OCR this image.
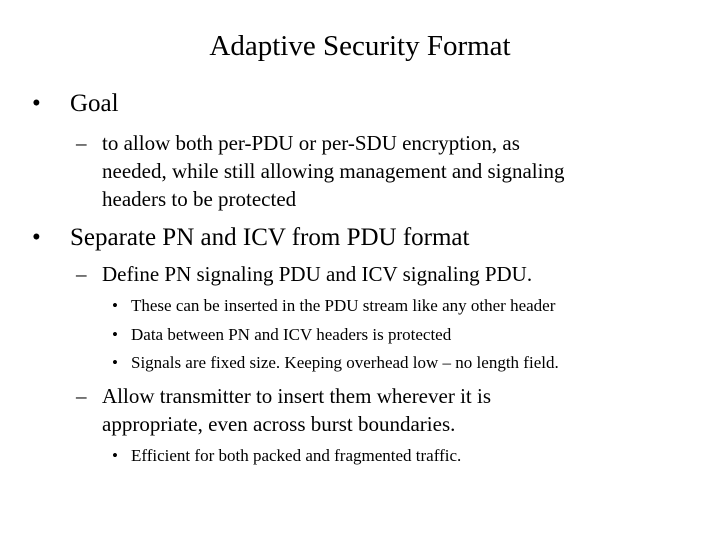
Adaptive Security Format
• Goal
– to allow both per-PDU or per-SDU encryption, as
needed, while still allowing management and signaling
headers to be protected
• Separate PN and ICV from PDU format
– Define PN signaling PDU and ICV signaling PDU.
• These can be inserted in the PDU stream like any other header
• Data between PN and ICV headers is protected
• Signals are fixed size. Keeping overhead low – no length field.
– Allow transmitter to insert them wherever it is
appropriate, even across burst boundaries.
• Efficient for both packed and fragmented traffic.
